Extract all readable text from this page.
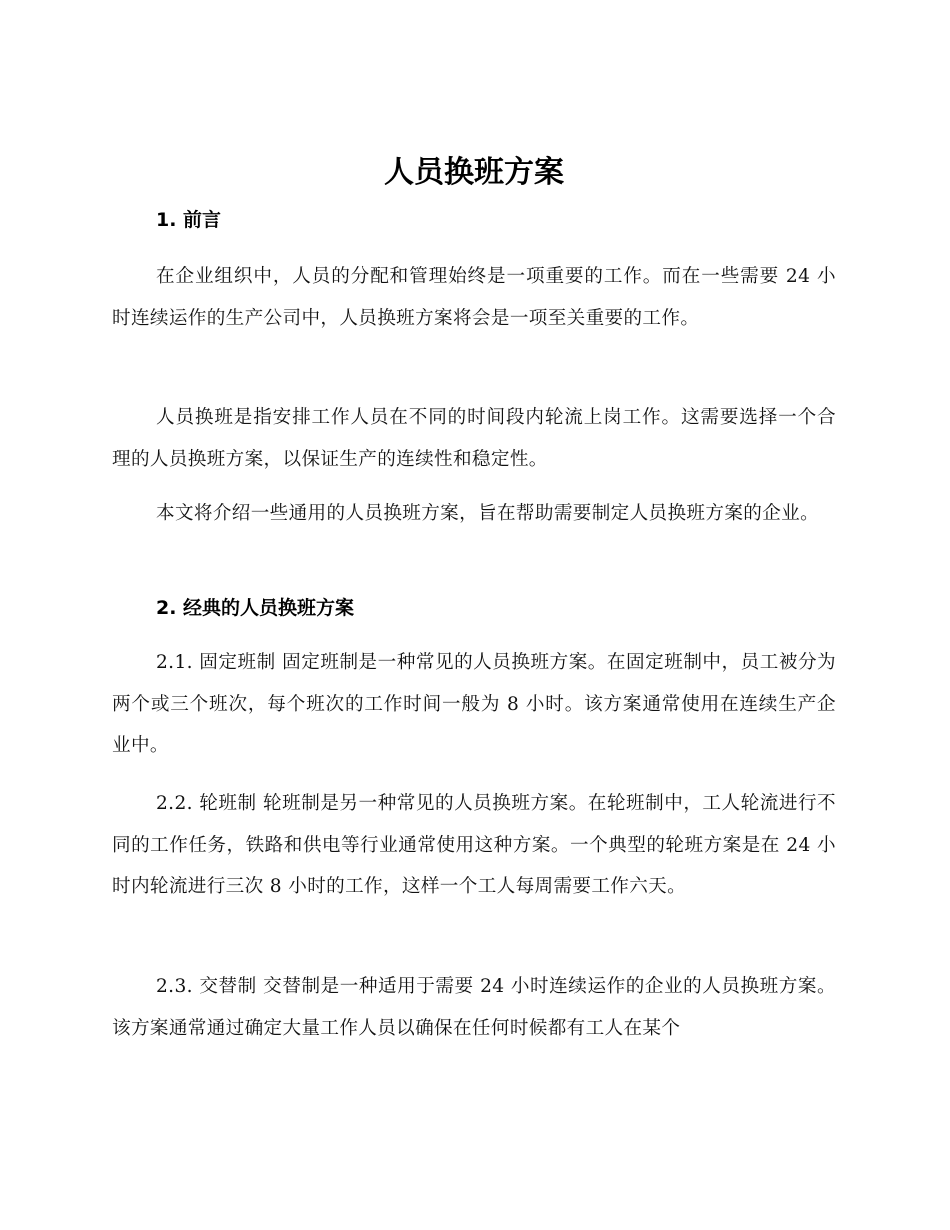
人员换班方案
1. 前言

在企业组织中，人员的分配和管理始终是一项重要的工作。而在一些需要 24 小时连续运作的生产公司中，人员换班方案将会是一项至关重要的工作。

人员换班是指安排工作人员在不同的时间段内轮流上岗工作。这需要选择一个合理的人员换班方案，以保证生产的连续性和稳定性。

本文将介绍一些通用的人员换班方案，旨在帮助需要制定人员换班方案的企业。

2. 经典的人员换班方案

2.1. 固定班制 固定班制是一种常见的人员换班方案。在固定班制中，员工被分为两个或三个班次，每个班次的工作时间一般为 8 小时。该方案通常使用在连续生产企业中。

2.2. 轮班制 轮班制是另一种常见的人员换班方案。在轮班制中，工人轮流进行不同的工作任务，铁路和供电等行业通常使用这种方案。一个典型的轮班方案是在 24 小时内轮流进行三次 8 小时的工作，这样一个工人每周需要工作六天。

2.3. 交替制 交替制是一种适用于需要 24 小时连续运作的企业的人员换班方案。该方案通常通过确定大量工作人员以确保在任何时候都有工人在某个
